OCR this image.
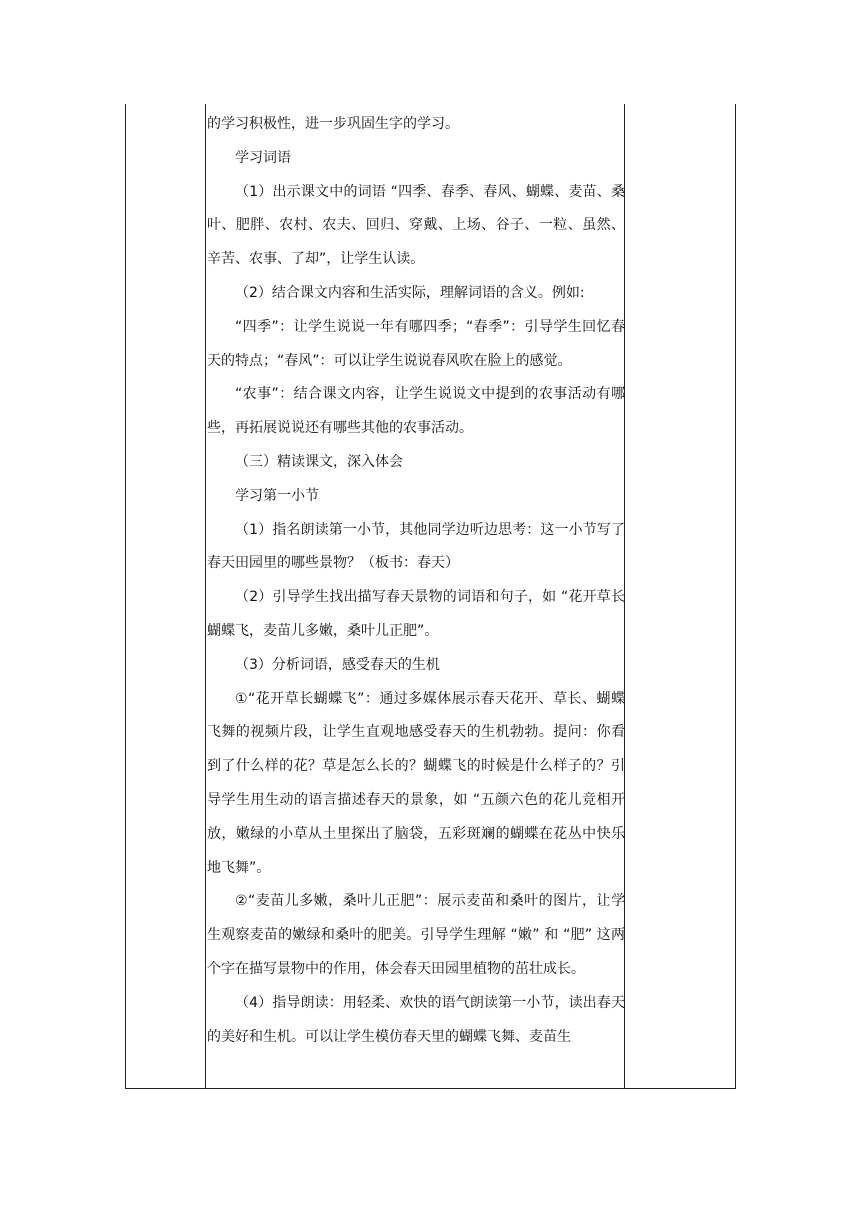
的学习积极性，进一步巩固生字的学习。

学习词语

（1）出示课文中的词语 “四季、春季、春风、蝴蝶、麦苗、桑叶、肥胖、农村、农夫、回归、穿戴、上场、谷子、一粒、虽然、辛苦、农事、了却”，让学生认读。

（2）结合课文内容和生活实际，理解词语的含义。例如:

“四季”：让学生说说一年有哪四季；“春季”：引导学生回忆春天的特点；“春风”：可以让学生说说春风吹在脸上的感觉。

“农事”：结合课文内容，让学生说说文中提到的农事活动有哪些，再拓展说说还有哪些其他的农事活动。

（三）精读课文，深入体会

学习第一小节

（1）指名朗读第一小节，其他同学边听边思考：这一小节写了春天田园里的哪些景物？（板书：春天）

（2）引导学生找出描写春天景物的词语和句子，如 “花开草长蝴蝶飞，麦苗儿多嫩，桑叶儿正肥”。

（3）分析词语，感受春天的生机

①“花开草长蝴蝶飞”：通过多媒体展示春天花开、草长、蝴蝶飞舞的视频片段，让学生直观地感受春天的生机勃勃。提问：你看到了什么样的花？草是怎么长的？蝴蝶飞的时候是什么样子的？引导学生用生动的语言描述春天的景象，如 “五颜六色的花儿竞相开放，嫩绿的小草从土里探出了脑袋，五彩斑斓的蝴蝶在花丛中快乐地飞舞”。

②“麦苗儿多嫩，桑叶儿正肥”：展示麦苗和桑叶的图片，让学生观察麦苗的嫩绿和桑叶的肥美。引导学生理解 “嫩” 和 “肥” 这两个字在描写景物中的作用，体会春天田园里植物的茁壮成长。

（4）指导朗读：用轻柔、欢快的语气朗读第一小节，读出春天的美好和生机。可以让学生模仿春天里的蝴蝶飞舞、麦苗生
